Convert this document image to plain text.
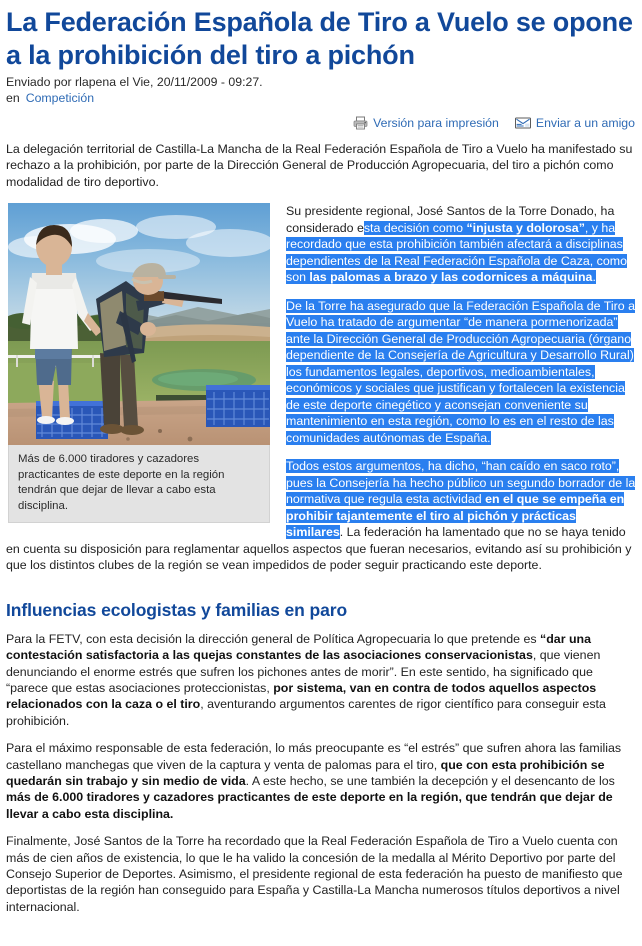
La Federación Española de Tiro a Vuelo se opone a la prohibición del tiro a pichón
Enviado por rlapena el Vie, 20/11/2009 - 09:27.
en Competición
Versión para impresión	Enviar a un amigo

La delegación territorial de Castilla-La Mancha de la Real Federación Española de Tiro a Vuelo ha manifestado su rechazo a la prohibición, por parte de la Dirección General de Producción Agropecuaria, del tiro a pichón como modalidad de tiro deportivo.

Más de 6.000 tiradores y cazadores practicantes de este deporte en la región tendrán que dejar de llevar a cabo esta disciplina.

Su presidente regional, José Santos de la Torre Donado, ha considerado esta decisión como “injusta y dolorosa”, y ha recordado que esta prohibición también afectará a disciplinas dependientes de la Real Federación Española de Caza, como son las palomas a brazo y las codornices a máquina.

De la Torre ha asegurado que la Federación Española de Tiro a Vuelo ha tratado de argumentar “de manera pormenorizada” ante la Dirección General de Producción Agropecuaria (órgano dependiente de la Consejería de Agricultura y Desarrollo Rural) los fundamentos legales, deportivos, medioambientales, económicos y sociales que justifican y fortalecen la existencia de este deporte cinegético y aconsejan conveniente su mantenimiento en esta región, como lo es en el resto de las comunidades autónomas de España.

Todos estos argumentos, ha dicho, “han caído en saco roto”, pues la Consejería ha hecho público un segundo borrador de la normativa que regula esta actividad en el que se empeña en prohibir tajantemente el tiro al pichón y prácticas similares. La federación ha lamentado que no se haya tenido en cuenta su disposición para reglamentar aquellos aspectos que fueran necesarios, evitando así su prohibición y que los distintos clubes de la región se vean impedidos de poder seguir practicando este deporte.

Influencias ecologistas y familias en paro

Para la FETV, con esta decisión la dirección general de Política Agropecuaria lo que pretende es “dar una contestación satisfactoria a las quejas constantes de las asociaciones conservacionistas, que vienen denunciando el enorme estrés que sufren los pichones antes de morir”. En este sentido, ha significado que “parece que estas asociaciones proteccionistas, por sistema, van en contra de todos aquellos aspectos relacionados con la caza o el tiro, aventurando argumentos carentes de rigor científico para conseguir esta prohibición.

Para el máximo responsable de esta federación, lo más preocupante es “el estrés” que sufren ahora las familias castellano manchegas que viven de la captura y venta de palomas para el tiro, que con esta prohibición se quedarán sin trabajo y sin medio de vida. A este hecho, se une también la decepción y el desencanto de los más de 6.000 tiradores y cazadores practicantes de este deporte en la región, que tendrán que dejar de llevar a cabo esta disciplina.

Finalmente, José Santos de la Torre ha recordado que la Real Federación Española de Tiro a Vuelo cuenta con más de cien años de existencia, lo que le ha valido la concesión de la medalla al Mérito Deportivo por parte del Consejo Superior de Deportes. Asimismo, el presidente regional de esta federación ha puesto de manifiesto que deportistas de la región han conseguido para España y Castilla-La Mancha numerosos títulos deportivos a nivel internacional.
